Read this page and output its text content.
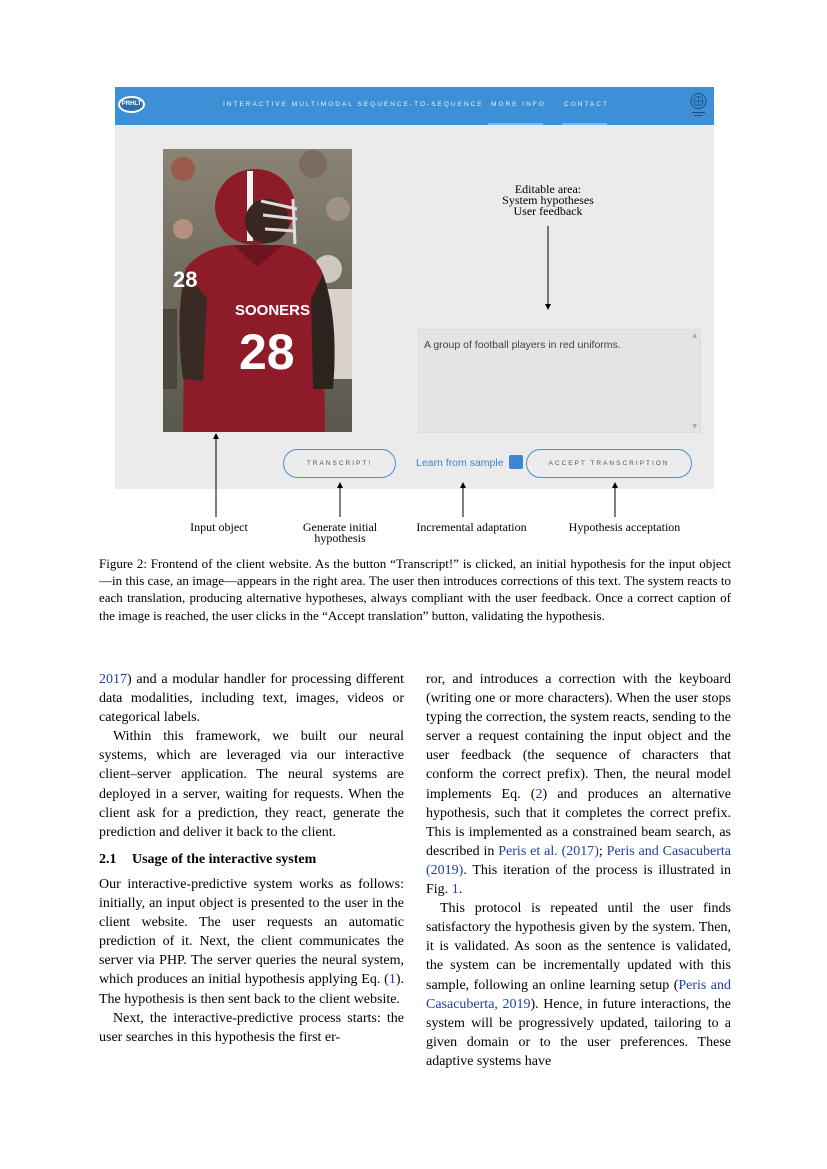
PRHLT	INTERACTIVE MULTIMODAL SEQUENCE-TO-SEQUENCE MORE INFO	CONTACT
SOONERS
28
28
A group of football players in red uniforms.
▲
▼
TRANSCRIPT!	Learn from sample	ACCEPT TRANSCRIPTION
Editable area:
System hypotheses
User feedback
Input object	Generate initial
hypothesis
Incremental adaptation	Hypothesis acceptation
Figure 2: Frontend of the client website. As the button “Transcript!” is clicked, an initial hypothesis for the input object—in this case, an image—appears in the right area. The user then introduces corrections of this text. The system reacts to each translation, producing alternative hypotheses, always compliant with the user feedback. Once a correct caption of the image is reached, the user clicks in the “Accept translation” button, validating the hypothesis.

2017) and a modular handler for processing different data modalities, including text, images, videos or categorical labels.

Within this framework, we built our neural systems, which are leveraged via our interactive client–server application. The neural systems are deployed in a server, waiting for requests. When the client ask for a prediction, they react, generate the prediction and deliver it back to the client.

2.1 Usage of the interactive system

Our interactive-predictive system works as follows: initially, an input object is presented to the user in the client website. The user requests an automatic prediction of it. Next, the client communicates the server via PHP. The server queries the neural system, which produces an initial hypothesis applying Eq. (1). The hypothesis is then sent back to the client website.

Next, the interactive-predictive process starts: the user searches in this hypothesis the first er-

ror, and introduces a correction with the keyboard (writing one or more characters). When the user stops typing the correction, the system reacts, sending to the server a request containing the input object and the user feedback (the sequence of characters that conform the correct prefix). Then, the neural model implements Eq. (2) and produces an alternative hypothesis, such that it completes the correct prefix. This is implemented as a constrained beam search, as described in Peris et al. (2017); Peris and Casacuberta (2019). This iteration of the process is illustrated in Fig. 1.

This protocol is repeated until the user finds satisfactory the hypothesis given by the system. Then, it is validated. As soon as the sentence is validated, the system can be incrementally updated with this sample, following an online learning setup (Peris and Casacuberta, 2019). Hence, in future interactions, the system will be progressively updated, tailoring to a given domain or to the user preferences. These adaptive systems have
